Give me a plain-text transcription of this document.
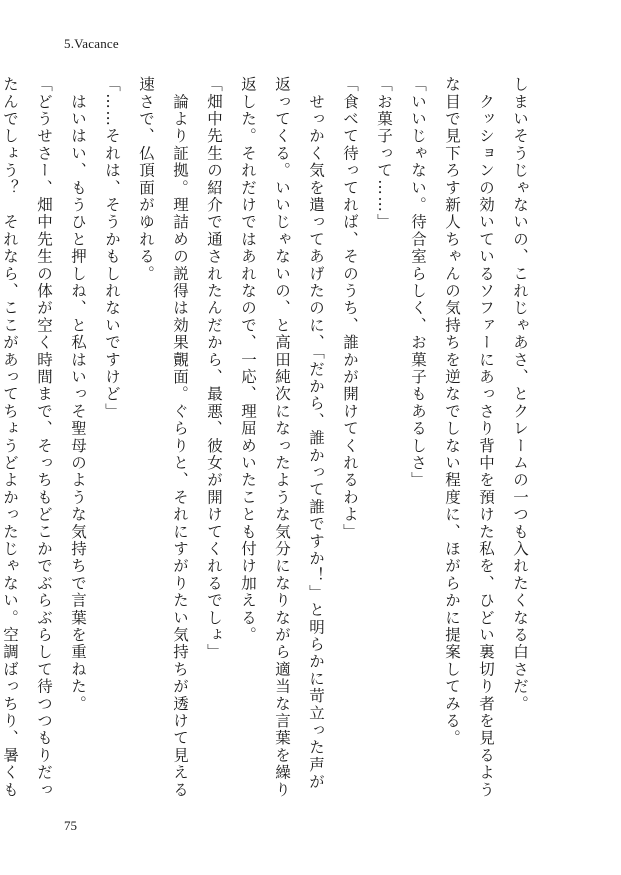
5.Vacance

しまいそうじゃないの、これじゃあさ、とクレームの一つも入れたくなる白さだ。

　クッションの効いているソファーにあっさり背中を預けた私を、ひどい裏切り者を見るよう

な目で見下ろす新人ちゃんの気持ちを逆なでしない程度に、ほがらかに提案してみる。

「いいじゃない。待合室らしく、お菓子もあるしさ」

「お菓子って……」

「食べて待ってれば、そのうち、誰かが開けてくれるわよ」

　せっかく気を遣ってあげたのに、「だから、誰かって誰ですか！」と明らかに苛立った声が

返ってくる。いいじゃないの、と高田純次になったような気分になりながら適当な言葉を繰り

返した。それだけではあれなので、一応、理屈めいたことも付け加える。

「畑中先生の紹介で通されたんだから、最悪、彼女が開けてくれるでしょ」

　論より証拠。理詰めの説得は効果覿面。ぐらりと、それにすがりたい気持ちが透けて見える

速さで、仏頂面がゆれる。

「……それは、そうかもしれないですけど」

　はいはい、もうひと押しね、と私はいっそ聖母のような気持ちで言葉を重ねた。

「どうせさー、畑中先生の体が空く時間まで、そっちもどこかでぶらぶらして待つつもりだっ

たんでしょう？　それなら、ここがあってちょうどよかったじゃない。空調ばっちり、暑くも

75
